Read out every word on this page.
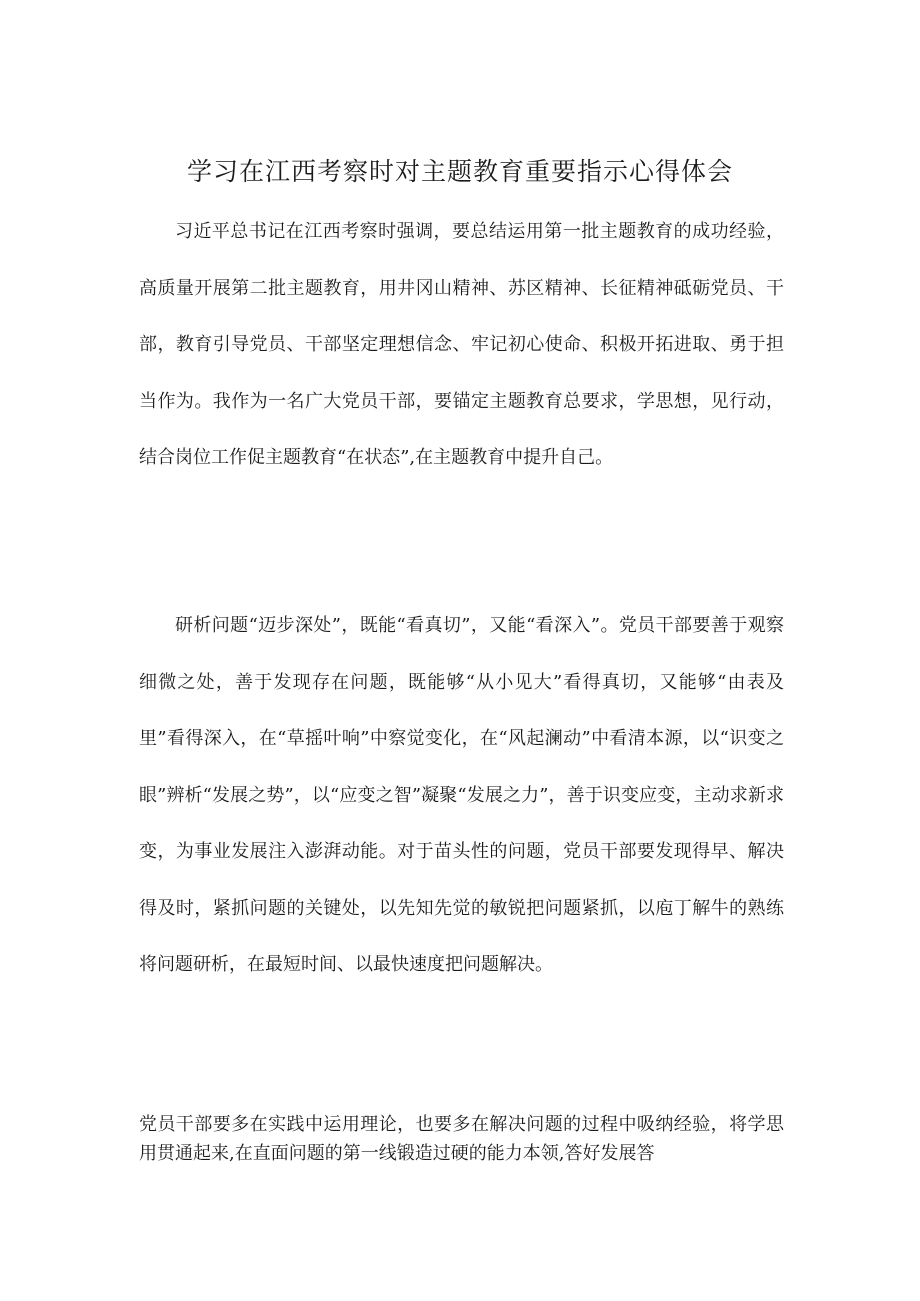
学习在江西考察时对主题教育重要指示心得体会

习近平总书记在江西考察时强调，要总结运用第一批主题教育的成功经验，高质量开展第二批主题教育，用井冈山精神、苏区精神、长征精神砥砺党员、干部，教育引导党员、干部坚定理想信念、牢记初心使命、积极开拓进取、勇于担当作为。我作为一名广大党员干部，要锚定主题教育总要求，学思想，见行动，结合岗位工作促主题教育“在状态”,在主题教育中提升自己。

研析问题“迈步深处”，既能“看真切”，又能“看深入”。党员干部要善于观察细微之处，善于发现存在问题，既能够“从小见大”看得真切，又能够“由表及里”看得深入，在“草摇叶响”中察觉变化，在“风起澜动”中看清本源，以“识变之眼”辨析“发展之势”，以“应变之智”凝聚“发展之力”，善于识变应变，主动求新求变，为事业发展注入澎湃动能。对于苗头性的问题，党员干部要发现得早、解决得及时，紧抓问题的关键处，以先知先觉的敏锐把问题紧抓，以庖丁解牛的熟练将问题研析，在最短时间、以最快速度把问题解决。

党员干部要多在实践中运用理论，也要多在解决问题的过程中吸纳经验，将学思用贯通起来,在直面问题的第一线锻造过硬的能力本领,答好发展答
